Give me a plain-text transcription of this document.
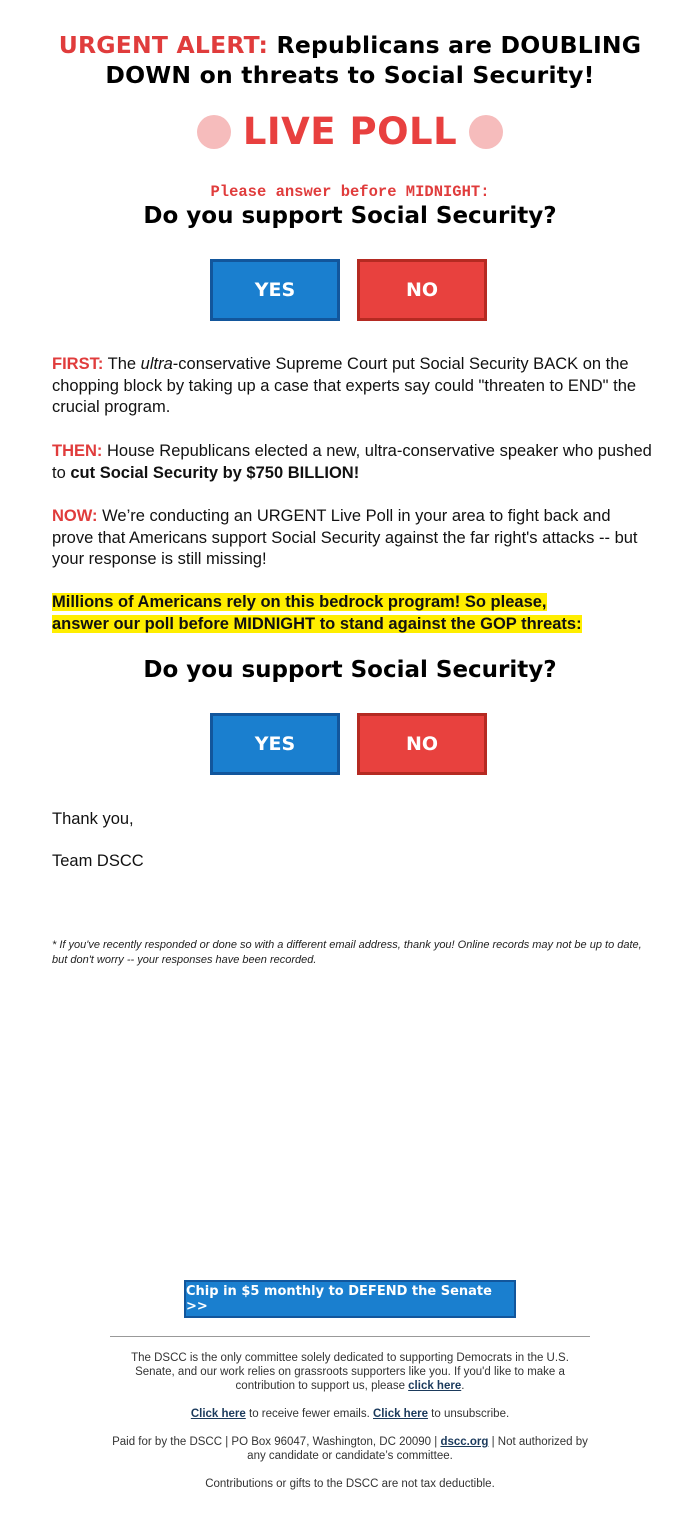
URGENT ALERT: Republicans are DOUBLING DOWN on threats to Social Security!
LIVE POLL
Please answer before MIDNIGHT:
Do you support Social Security?
YES	NO
FIRST: The ultra-conservative Supreme Court put Social Security BACK on the chopping block by taking up a case that experts say could "threaten to END" the crucial program.
THEN: House Republicans elected a new, ultra-conservative speaker who pushed to cut Social Security by $750 BILLION!
NOW: We’re conducting an URGENT Live Poll in your area to fight back and prove that Americans support Social Security against the far right's attacks -- but your response is still missing!
Millions of Americans rely on this bedrock program! So please,
answer our poll before MIDNIGHT to stand against the GOP threats:
Do you support Social Security?
YES	NO
Thank you,
Team DSCC
* If you've recently responded or done so with a different email address, thank you! Online records may not be up to date, but don't worry -- your responses have been recorded.
Chip in $5 monthly to DEFEND the Senate >>
The DSCC is the only committee solely dedicated to supporting Democrats in the U.S. Senate, and our work relies on grassroots supporters like you. If you'd like to make a contribution to support us, please click here.
Click here to receive fewer emails. Click here to unsubscribe.
Paid for by the DSCC | PO Box 96047, Washington, DC 20090 | dscc.org | Not authorized by any candidate or candidate’s committee.
Contributions or gifts to the DSCC are not tax deductible.
